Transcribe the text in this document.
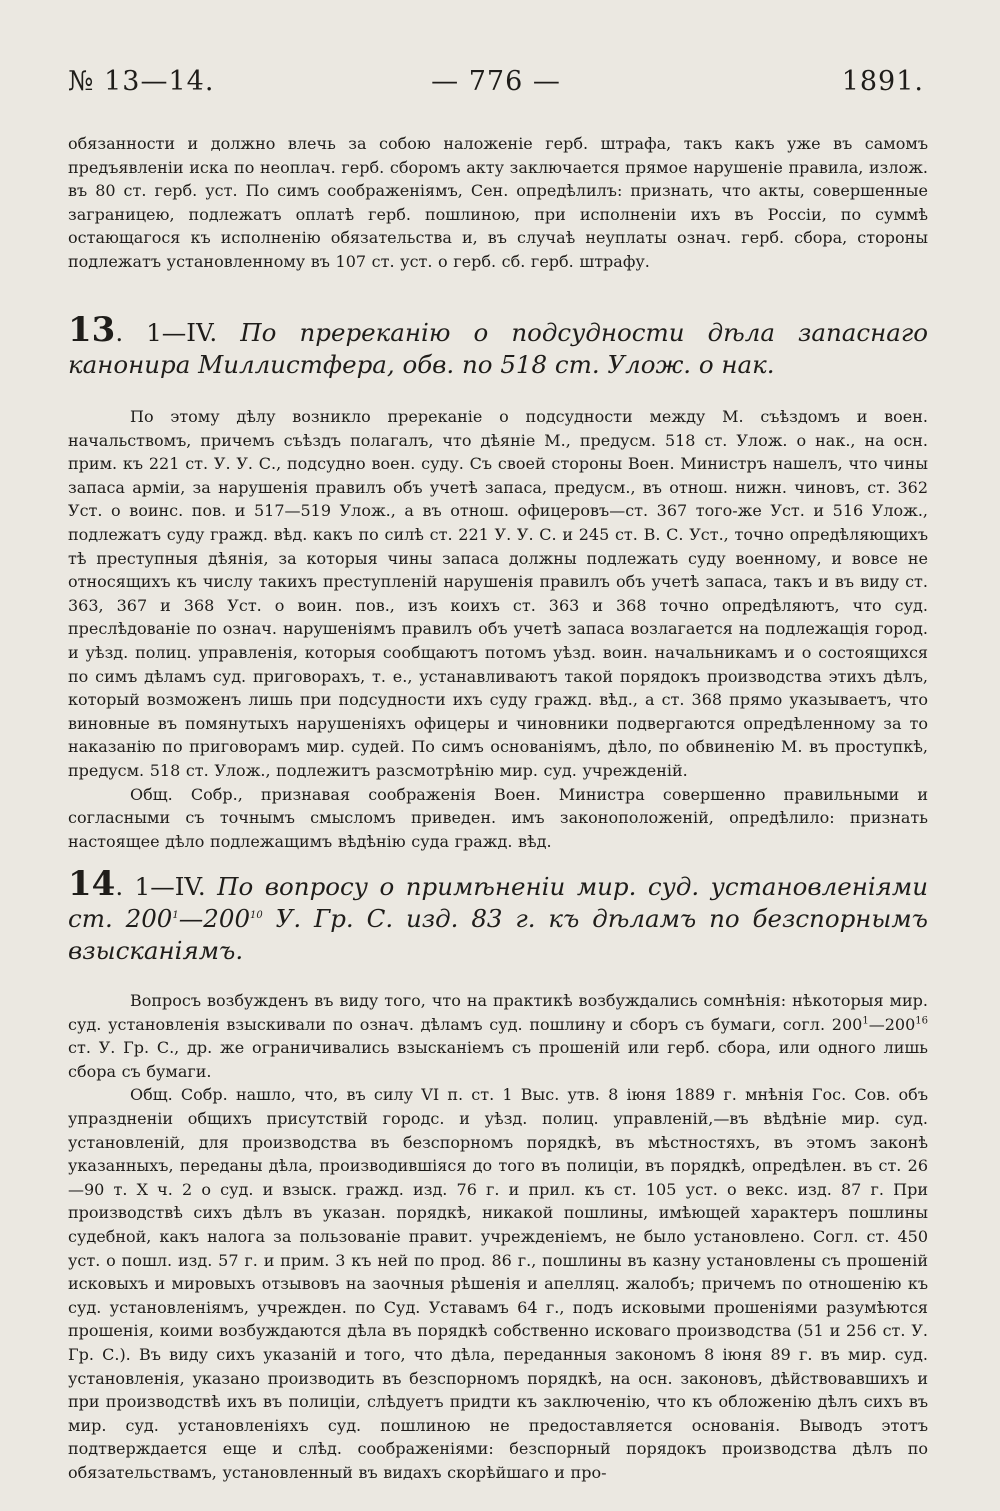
№ 13—14.	— 776 —	1891.

обязанности и должно влечь за собою наложеніе герб. штрафа, такъ какъ уже въ самомъ предъявленіи иска по неоплач. герб. сборомъ акту заключается прямое нарушеніе правила, излож. въ 80 ст. герб. уст. По симъ соображеніямъ, Сен. опредѣлилъ: признать, что акты, совершенные заграницею, подлежатъ оплатѣ герб. пошлиною, при исполненіи ихъ въ Россіи, по суммѣ остающагося къ исполненію обязательства и, въ случаѣ неуплаты означ. герб. сбора, стороны подлежатъ установленному въ 107 ст. уст. о герб. сб. герб. штрафу.

13. 1—IV. По пререканію о подсудности дѣла запаснаго канонира Миллистфера, обв. по 518 ст. Улож. о нак.

По этому дѣлу возникло пререканіе о подсудности между М. съѣздомъ и воен. начальствомъ, причемъ съѣздъ полагалъ, что дѣяніе М., предусм. 518 ст. Улож. о нак., на осн. прим. къ 221 ст. У. У. С., подсудно воен. суду. Съ своей стороны Воен. Министръ нашелъ, что чины запаса арміи, за нарушенія правилъ объ учетѣ запаса, предусм., въ отнош. нижн. чиновъ, ст. 362 Уст. о воинс. пов. и 517—519 Улож., а въ отнош. офицеровъ—ст. 367 того-же Уст. и 516 Улож., подлежатъ суду гражд. вѣд. какъ по силѣ ст. 221 У. У. С. и 245 ст. В. С. Уст., точно опредѣляющихъ тѣ преступныя дѣянія, за которыя чины запаса должны подлежать суду военному, и вовсе не относящихъ къ числу такихъ преступленій нарушенія правилъ объ учетѣ запаса, такъ и въ виду ст. 363, 367 и 368 Уст. о воин. пов., изъ коихъ ст. 363 и 368 точно опредѣляютъ, что суд. преслѣдованіе по означ. нарушеніямъ правилъ объ учетѣ запаса возлагается на подлежащія город. и уѣзд. полиц. управленія, которыя сообщаютъ потомъ уѣзд. воин. начальникамъ и о состоящихся по симъ дѣламъ суд. приговорахъ, т. е., устанавливаютъ такой порядокъ производства этихъ дѣлъ, который возможенъ лишь при подсудности ихъ суду гражд. вѣд., а ст. 368 прямо указываетъ, что виновные въ помянутыхъ нарушеніяхъ офицеры и чиновники подвергаются опредѣленному за то наказанію по приговорамъ мир. судей. По симъ основаніямъ, дѣло, по обвиненію М. въ проступкѣ, предусм. 518 ст. Улож., подлежитъ разсмотрѣнію мир. суд. учрежденій.

Общ. Собр., признавая соображенія Воен. Министра совершенно правильными и согласными съ точнымъ смысломъ приведен. имъ законоположеній, опредѣлило: признать настоящее дѣло подлежащимъ вѣдѣнію суда гражд. вѣд.

14. 1—IV. По вопросу о примѣненіи мир. суд. установленіями ст. $200^1—200^{10}$ У. Гр. С. изд. 83 г. къ дѣламъ по безспорнымъ взысканіямъ.

Вопросъ возбужденъ въ виду того, что на практикѣ возбуждались сомнѣнія: нѣкоторыя мир. суд. установленія взыскивали по означ. дѣламъ суд. пошлину и сборъ съ бумаги, согл. $200^1—200^{16}$ ст. У. Гр. С., др. же ограничивались взысканіемъ съ прошеній или герб. сбора, или одного лишь сбора съ бумаги.

Общ. Собр. нашло, что, въ силу VI п. ст. 1 Выс. утв. 8 іюня 1889 г. мнѣнія Гос. Сов. объ упраздненіи общихъ присутствій городс. и уѣзд. полиц. управленій,—въ вѣдѣніе мир. суд. установленій, для производства въ безспорномъ порядкѣ, въ мѣстностяхъ, въ этомъ законѣ указанныхъ, переданы дѣла, производившіяся до того въ полиціи, въ порядкѣ, опредѣлен. въ ст. 26—90 т. X ч. 2 о суд. и взыск. гражд. изд. 76 г. и прил. къ ст. 105 уст. о векс. изд. 87 г. При производствѣ сихъ дѣлъ въ указан. порядкѣ, никакой пошлины, имѣющей характеръ пошлины судебной, какъ налога за пользованіе правит. учрежденіемъ, не было установлено. Согл. ст. 450 уст. о пошл. изд. 57 г. и прим. 3 къ ней по прод. 86 г., пошлины въ казну установлены съ прошеній исковыхъ и мировыхъ отзывовъ на заочныя рѣшенія и апелляц. жалобъ; причемъ по отношенію къ суд. установленіямъ, учрежден. по Суд. Уставамъ 64 г., подъ исковыми прошеніями разумѣются прошенія, коими возбуждаются дѣла въ порядкѣ собственно исковаго производства (51 и 256 ст. У. Гр. С.). Въ виду сихъ указаній и того, что дѣла, переданныя закономъ 8 іюня 89 г. въ мир. суд. установленія, указано производить въ безспорномъ порядкѣ, на осн. законовъ, дѣйствовавшихъ и при производствѣ ихъ въ полиціи, слѣдуетъ придти къ заключенію, что къ обложенію дѣлъ сихъ въ мир. суд. установленіяхъ суд. пошлиною не предоставляется основанія. Выводъ этотъ подтверждается еще и слѣд. соображеніями: безспорный порядокъ производства дѣлъ по обязательствамъ, установленный въ видахъ скорѣйшаго и про-
